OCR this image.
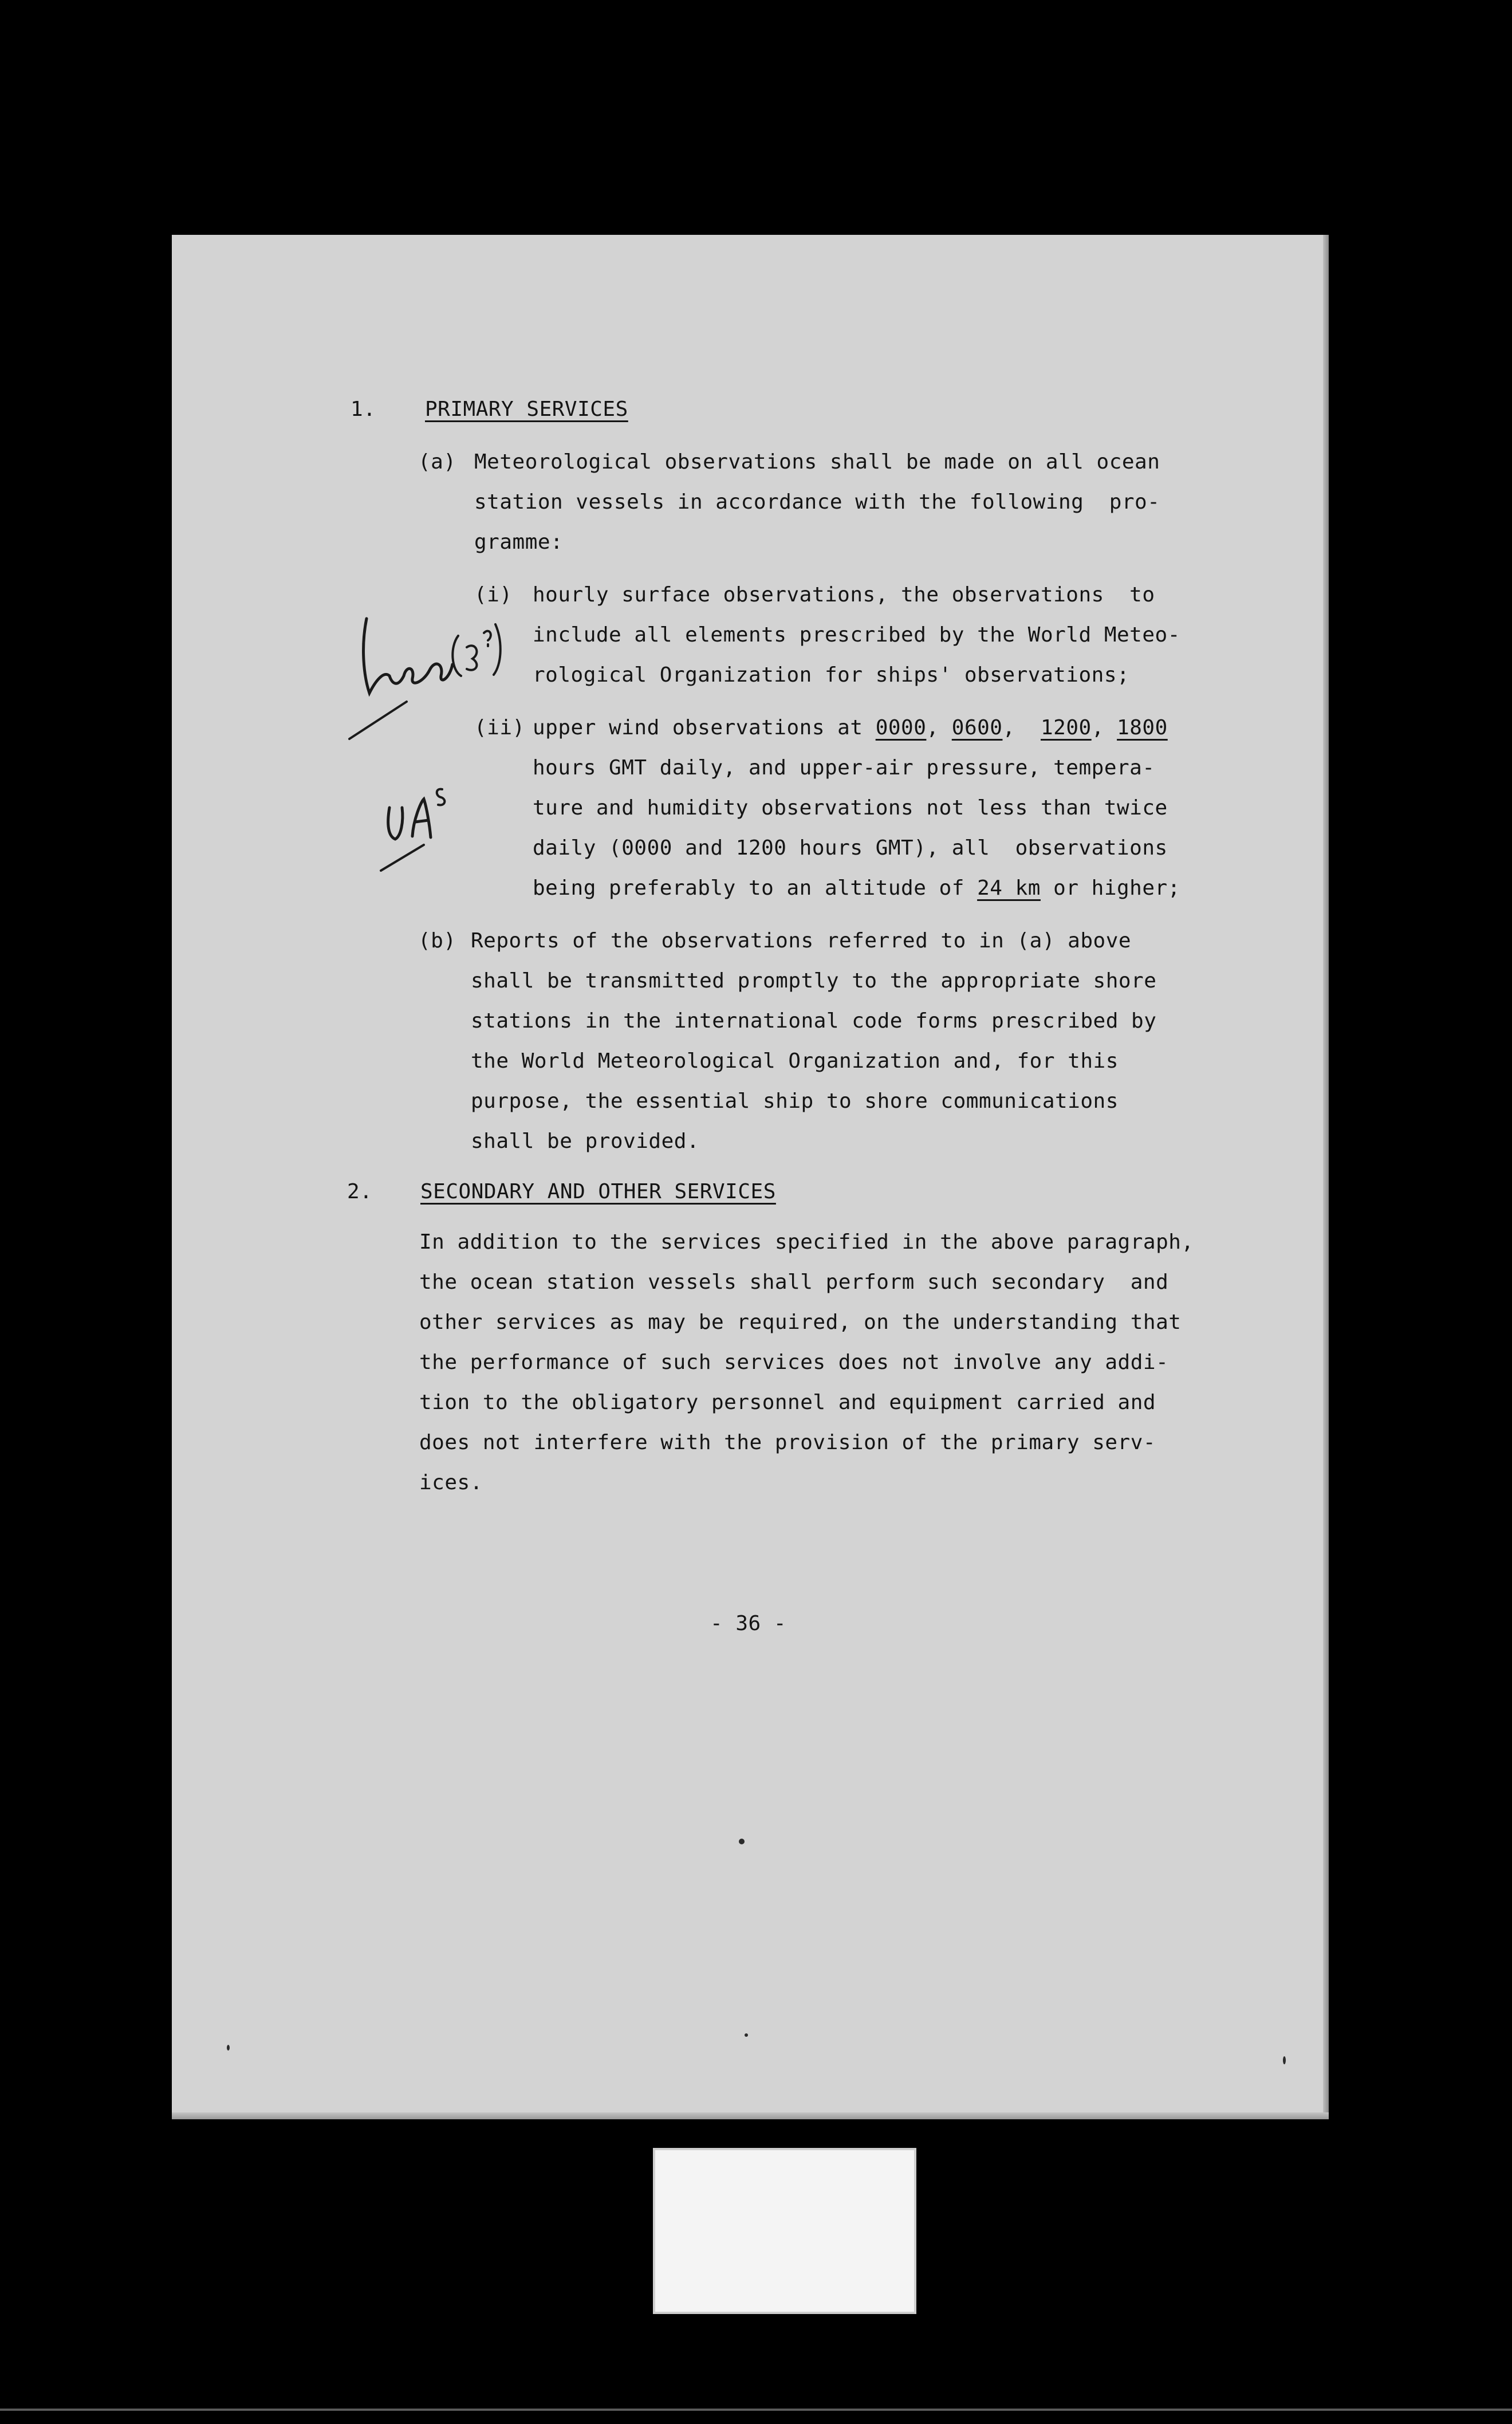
1. PRIMARY SERVICES
(a) Meteorological observations shall be made on all ocean
station vessels in accordance with the following  pro-
gramme:
(i) hourly surface observations, the observations  to
include all elements prescribed by the World Meteo-
rological Organization for ships' observations;
(ii) upper wind observations at 0000, 0600,  1200, 1800
hours GMT daily, and upper-air pressure, tempera-
ture and humidity observations not less than twice
daily (0000 and 1200 hours GMT), all  observations
being preferably to an altitude of 24 km or higher;
(b) Reports of the observations referred to in (a) above
shall be transmitted promptly to the appropriate shore
stations in the international code forms prescribed by
the World Meteorological Organization and, for this
purpose, the essential ship to shore communications
shall be provided.
2. SECONDARY AND OTHER SERVICES
In addition to the services specified in the above paragraph,
the ocean station vessels shall perform such secondary  and
other services as may be required, on the understanding that
the performance of such services does not involve any addi-
tion to the obligatory personnel and equipment carried and
does not interfere with the provision of the primary serv-
ices.
- 36 -
